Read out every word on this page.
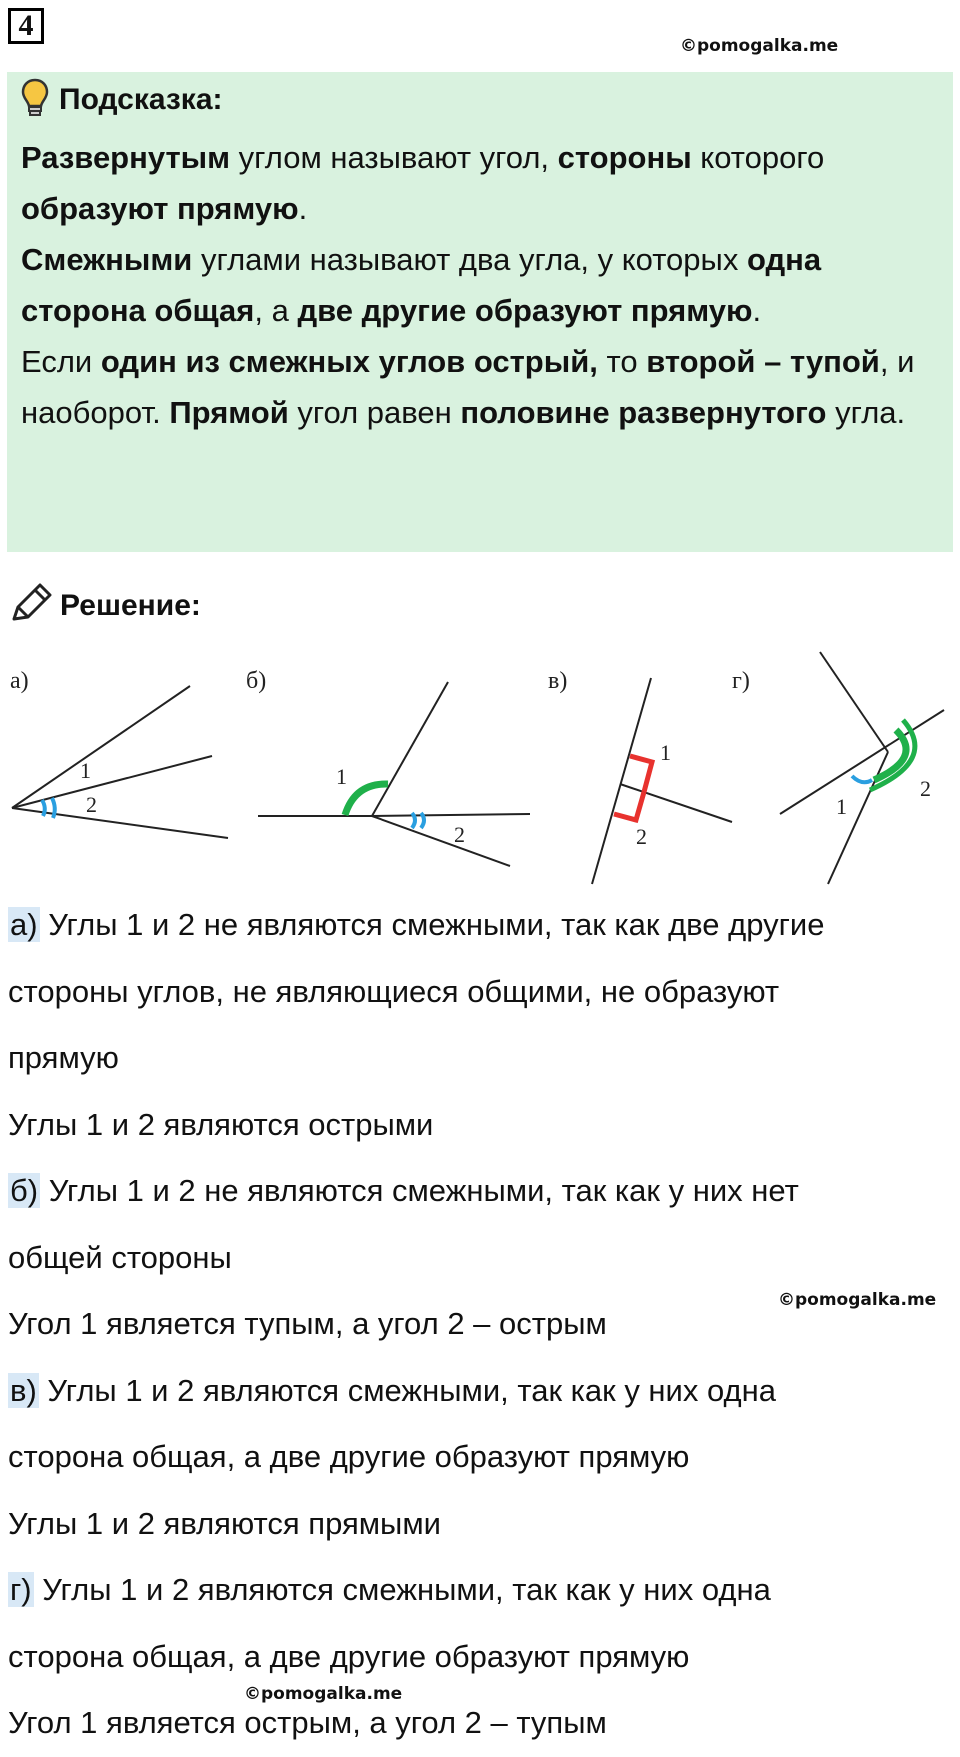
4
©pomogalka.me
Подсказка:
Развернутым углом называют угол, стороны которого образуют прямую.
Смежными углами называют два угла, у которых одна сторона общая, а две другие образуют прямую.
Если один из смежных углов острый, то второй – тупой, и наоборот. Прямой угол равен половине развернутого угла.
Решение:
а)
1
2
б)
1
2
в)
1
2
г)
1
2
а) Углы 1 и 2 не являются смежными, так как две другие
стороны углов, не являющиеся общими, не образуют
прямую
Углы 1 и 2 являются острыми
б) Углы 1 и 2 не являются смежными, так как у них нет
общей стороны
Угол 1 является тупым, а угол 2 – острым
в) Углы 1 и 2 являются смежными, так как у них одна
сторона общая, а две другие образуют прямую
Углы 1 и 2 являются прямыми
г) Углы 1 и 2 являются смежными, так как у них одна
сторона общая, а две другие образуют прямую
Угол 1 является острым, а угол 2 – тупым
©pomogalka.me
©pomogalka.me
